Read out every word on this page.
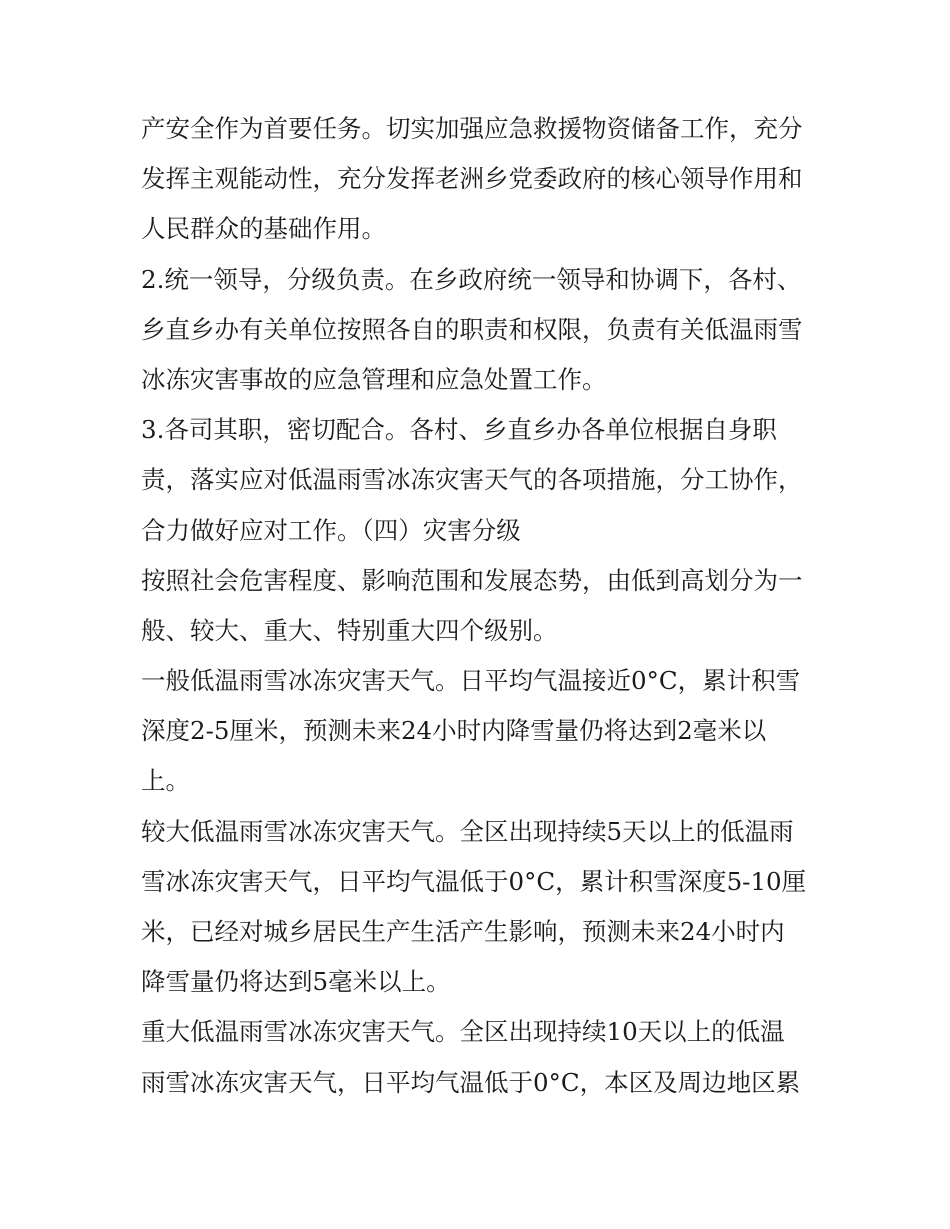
产安全作为首要任务。切实加强应急救援物资储备工作，充分
发挥主观能动性，充分发挥老洲乡党委政府的核心领导作用和
人民群众的基础作用。
2.统一领导，分级负责。在乡政府统一领导和协调下，各村、
乡直乡办有关单位按照各自的职责和权限，负责有关低温雨雪
冰冻灾害事故的应急管理和应急处置工作。
3.各司其职，密切配合。各村、乡直乡办各单位根据自身职
责，落实应对低温雨雪冰冻灾害天气的各项措施，分工协作，
合力做好应对工作。（四）灾害分级
按照社会危害程度、影响范围和发展态势，由低到高划分为一
般、较大、重大、特别重大四个级别。
一般低温雨雪冰冻灾害天气。日平均气温接近0°C，累计积雪
深度2-5厘米，预测未来24小时内降雪量仍将达到2毫米以
上。
较大低温雨雪冰冻灾害天气。全区出现持续5天以上的低温雨
雪冰冻灾害天气，日平均气温低于0°C，累计积雪深度5-10厘
米，已经对城乡居民生产生活产生影响，预测未来24小时内
降雪量仍将达到5毫米以上。
重大低温雨雪冰冻灾害天气。全区出现持续10天以上的低温
雨雪冰冻灾害天气，日平均气温低于0°C，本区及周边地区累
